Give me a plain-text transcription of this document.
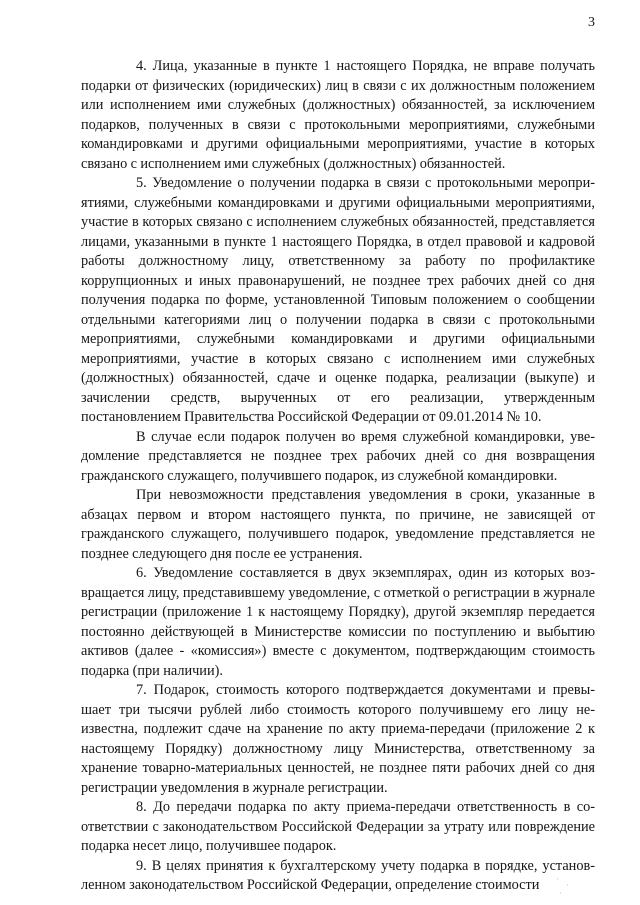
3

4. Лица, указанные в пункте 1 настоящего Порядка, не вправе получать подарки от физических (юридических) лиц в связи с их должностным положением или исполнением ими служебных (должностных) обязанностей, за исключением подарков, полученных в связи с протокольными мероприятиями, служебными командировками и другими официальными мероприятиями, участие в которых связано с исполнением ими служебных (должностных) обязанностей.

5. Уведомление о получении подарка в связи с протокольными мероприятиями, служебными командировками и другими официальными мероприятиями, участие в которых связано с исполнением служебных обязанностей, представляется лицами, указанными в пункте 1 настоящего Порядка, в отдел правовой и кадровой работы должностному лицу, ответственному за работу по профилактике коррупционных и иных правонарушений, не позднее трех рабочих дней со дня получения подарка по форме, установленной Типовым положением о сообщении отдельными категориями лиц о получении подарка в связи с протокольными мероприятиями, служебными командировками и другими официальными мероприятиями, участие в которых связано с исполнением ими служебных (должностных) обязанностей, сдаче и оценке подарка, реализации (выкупе) и зачислении средств, вырученных от его реализации, утвержденным постановлением Правительства Российской Федерации от 09.01.2014 № 10.

В случае если подарок получен во время служебной командировки, уведомление представляется не позднее трех рабочих дней со дня возвращения гражданского служащего, получившего подарок, из служебной командировки.

При невозможности представления уведомления в сроки, указанные в абзацах первом и втором настоящего пункта, по причине, не зависящей от гражданского служащего, получившего подарок, уведомление представляется не позднее следующего дня после ее устранения.

6. Уведомление составляется в двух экземплярах, один из которых возвращается лицу, представившему уведомление, с отметкой о регистрации в журнале регистрации (приложение 1 к настоящему Порядку), другой экземпляр передается постоянно действующей в Министерстве комиссии по поступлению и выбытию активов (далее - «комиссия») вместе с документом, подтверждающим стоимость подарка (при наличии).

7. Подарок, стоимость которого подтверждается документами и превышает три тысячи рублей либо стоимость которого получившему его лицу неизвестна, подлежит сдаче на хранение по акту приема-передачи (приложение 2 к настоящему Порядку) должностному лицу Министерства, ответственному за хранение товарно-материальных ценностей, не позднее пяти рабочих дней со дня регистрации уведомления в журнале регистрации.

8. До передачи подарка по акту приема-передачи ответственность в соответствии с законодательством Российской Федерации за утрату или повреждение подарка несет лицо, получившее подарок.

9. В целях принятия к бухгалтерскому учету подарка в порядке, установленном законодательством Российской Федерации, определение стоимости	·
·
·
